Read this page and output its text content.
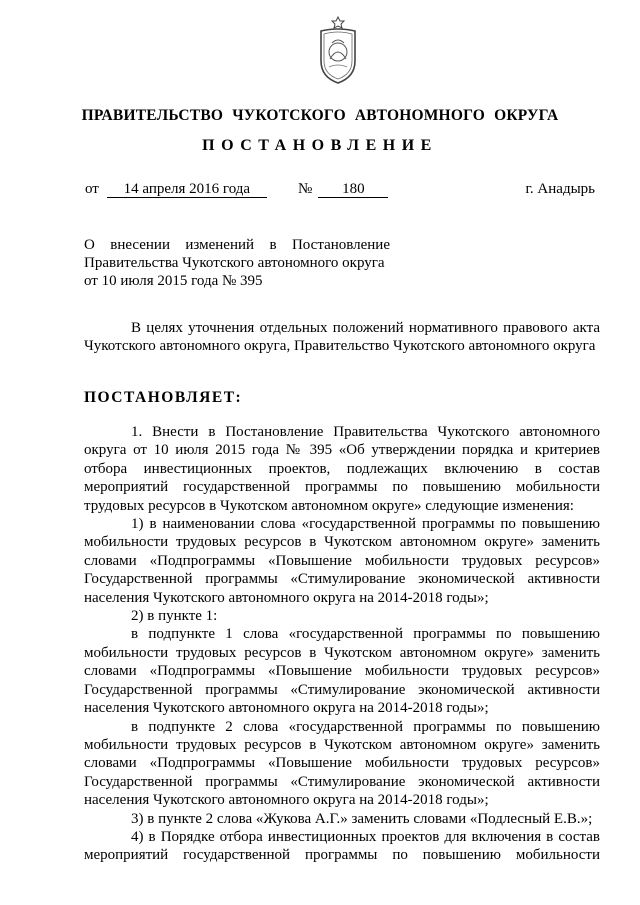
ПРАВИТЕЛЬСТВО ЧУКОТСКОГО АВТОНОМНОГО ОКРУГА
ПОСТАНОВЛЕНИЕ
от 14 апреля 2016 года	№ 180	г. Анадырь
О внесении изменений в Постановление
Правительства Чукотского автономного округа
от 10 июля 2015 года № 395

В целях уточнения отдельных положений нормативного правового акта Чукотского автономного округа, Правительство Чукотского автономного округа

ПОСТАНОВЛЯЕТ:

1. Внести в Постановление Правительства Чукотского автономного округа от 10 июля 2015 года № 395 «Об утверждении порядка и критериев отбора инвестиционных проектов, подлежащих включению в состав мероприятий государственной программы по повышению мобильности трудовых ресурсов в Чукотском автономном округе» следующие изменения:

1) в наименовании слова «государственной программы по повышению мобильности трудовых ресурсов в Чукотском автономном округе» заменить словами «Подпрограммы «Повышение мобильности трудовых ресурсов» Государственной программы «Стимулирование экономической активности населения Чукотского автономного округа на 2014-2018 годы»;

2) в пункте 1:

в подпункте 1 слова «государственной программы по повышению мобильности трудовых ресурсов в Чукотском автономном округе» заменить словами «Подпрограммы «Повышение мобильности трудовых ресурсов» Государственной программы «Стимулирование экономической активности населения Чукотского автономного округа на 2014-2018 годы»;

в подпункте 2 слова «государственной программы по повышению мобильности трудовых ресурсов в Чукотском автономном округе» заменить словами «Подпрограммы «Повышение мобильности трудовых ресурсов» Государственной программы «Стимулирование экономической активности населения Чукотского автономного округа на 2014-2018 годы»;

3) в пункте 2 слова «Жукова А.Г.» заменить словами «Подлесный Е.В.»;

4) в Порядке отбора инвестиционных проектов для включения в состав мероприятий государственной программы по повышению мобильности
